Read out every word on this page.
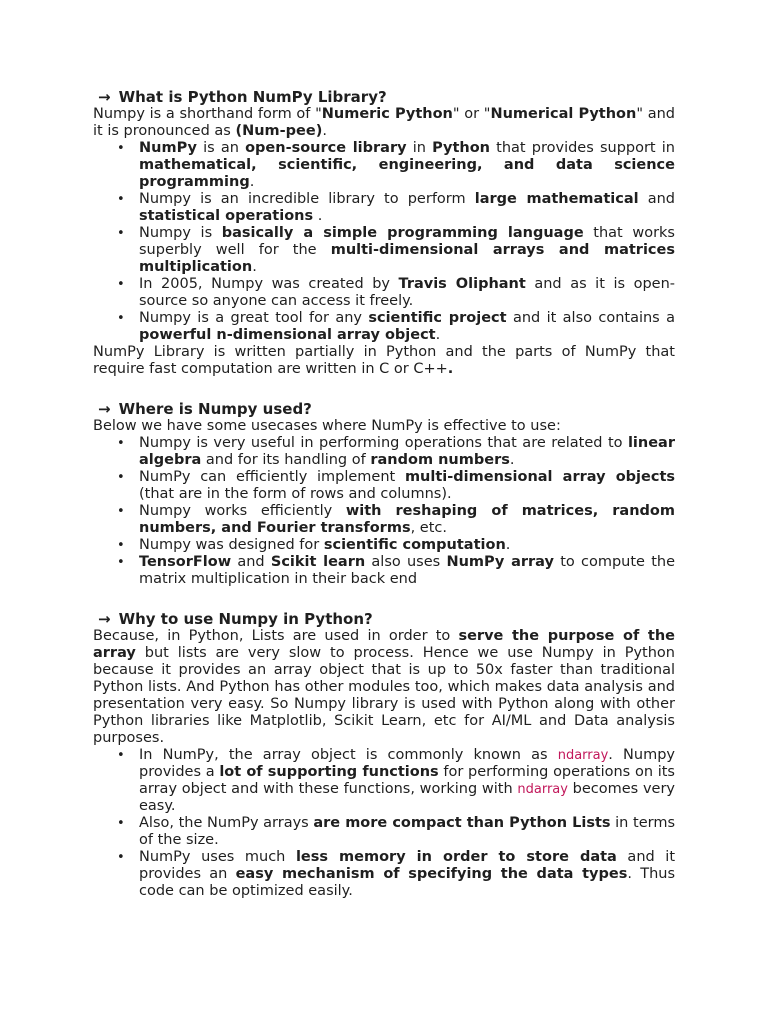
→ What is Python NumPy Library?

Numpy is a shorthand form of "Numeric Python" or "Numerical Python" and it is pronounced as (Num-pee).

• NumPy is an open-source library in Python that provides support in mathematical, scientific, engineering, and data science programming.
• Numpy is an incredible library to perform large mathematical and statistical operations .
• Numpy is basically a simple programming language that works superbly well for the multi-dimensional arrays and matrices multiplication.
• In 2005, Numpy was created by Travis Oliphant and as it is open-source so anyone can access it freely.
• Numpy is a great tool for any scientific project and it also contains a powerful n-dimensional array object.

NumPy Library is written partially in Python and the parts of NumPy that require fast computation are written in C or C++.

→ Where is Numpy used?

Below we have some usecases where NumPy is effective to use:

• Numpy is very useful in performing operations that are related to linear algebra and for its handling of random numbers.
• NumPy can efficiently implement multi-dimensional array objects (that are in the form of rows and columns).
• Numpy works efficiently with reshaping of matrices, random numbers, and Fourier transforms, etc.
• Numpy was designed for scientific computation.
• TensorFlow and Scikit learn also uses NumPy array to compute the matrix multiplication in their back end
→ Why to use Numpy in Python?

Because, in Python, Lists are used in order to serve the purpose of the array but lists are very slow to process. Hence we use Numpy in Python because it provides an array object that is up to 50x faster than traditional Python lists. And Python has other modules too, which makes data analysis and presentation very easy. So Numpy library is used with Python along with other Python libraries like Matplotlib, Scikit Learn, etc for AI/ML and Data analysis purposes.

• In NumPy, the array object is commonly known as ndarray. Numpy provides a lot of supporting functions for performing operations on its array object and with these functions, working with ndarray becomes very easy.
• Also, the NumPy arrays are more compact than Python Lists in terms of the size.
• NumPy uses much less memory in order to store data and it provides an easy mechanism of specifying the data types. Thus code can be optimized easily.
